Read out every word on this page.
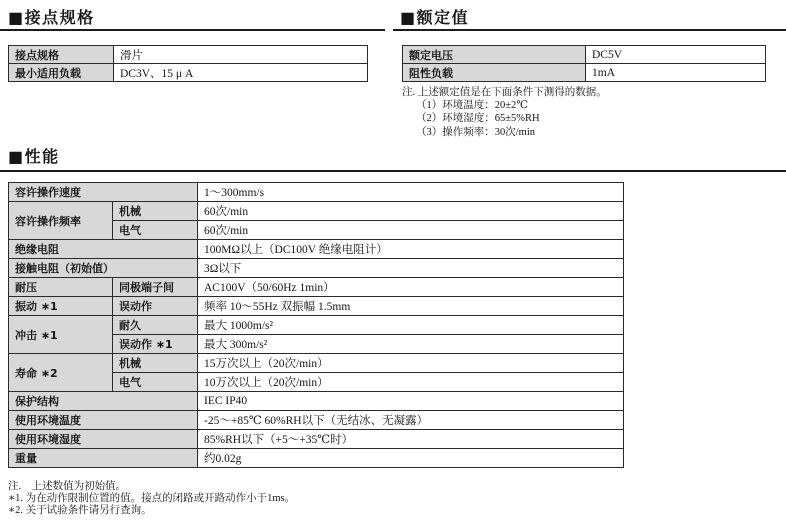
■接点规格
接点规格	滑片
最小适用负载	DC3V、15 μ A
■额定值
额定电压	DC5V
阻性负载	1mA
注. 上述额定值是在下面条件下测得的数据。
（1）环境温度：20±2℃
（2）环境湿度：65±5%RH
（3）操作频率：30次/min
■性能
容许操作速度		1～300mm/s
容许操作频率	机械	60次/min
	电气	60次/min
绝缘电阻		100MΩ以上（DC100V 绝缘电阻计）
接触电阻（初始值）		3Ω以下
耐压	同极端子间	AC100V（50/60Hz 1min）
振动 ∗1	误动作	频率 10～55Hz 双振幅 1.5mm
冲击 ∗1	耐久	最大 1000m/s²
	误动作 ∗1	最大 300m/s²
寿命 ∗2	机械	15万次以上（20次/min）
	电气	10万次以上（20次/min）
保护结构		IEC IP40
使用环境温度		-25～+85℃ 60%RH以下（无结冰、无凝露）
使用环境湿度		85%RH以下（+5～+35℃时）
重量		约0.02g
注.　上述数值为初始值。
∗1. 为在动作限制位置的值。接点的闭路或开路动作小于1ms。
∗2. 关于试验条件请另行查询。
